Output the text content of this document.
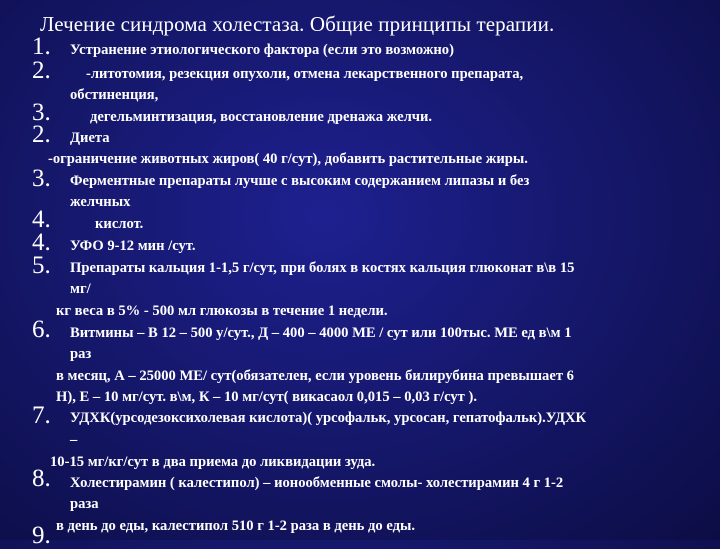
Лечение синдрома холестаза. Общие принципы терапии.
1.
2.
3.
2.
3.
4.
4.
5.
6.
7.
8.
9.
Устранение этиологического фактора (если это возможно)
-литотомия, резекция опухоли, отмена лекарственного препарата,
обстиненция,
дегельминтизация, восстановление дренажа желчи.
Диета
-ограничение животных жиров( 40 г/сут), добавить растительные жиры.
Ферментные препараты лучше с высоким содержанием липазы и без
желчных
кислот.
УФО 9-12 мин /сут.
Препараты кальция 1-1,5 г/сут, при болях в костях кальция глюконат в\в 15
мг/
кг веса в 5% - 500 мл глюкозы в течение 1 недели.
Витмины – В 12 – 500 у/сут., Д – 400 – 4000 МЕ / сут или 100тыс. МЕ ед в\м 1
раз
в месяц, А – 25000 МЕ/ сут(обязателен, если уровень билирубина превышает 6
Н), Е – 10 мг/сут. в\м, К – 10 мг/сут( викасаол 0,015 – 0,03 г/сут ).
УДХК(урсодезоксихолевая кислота)( урсофальк, урсосан, гепатофальк).УДХК
–
10-15 мг/кг/сут в два приема до ликвидации зуда.
Холестирамин ( калестипол) – ионообменные смолы- холестирамин 4 г 1-2
раза
в день до еды, калестипол 510 г 1-2 раза в день до еды.
